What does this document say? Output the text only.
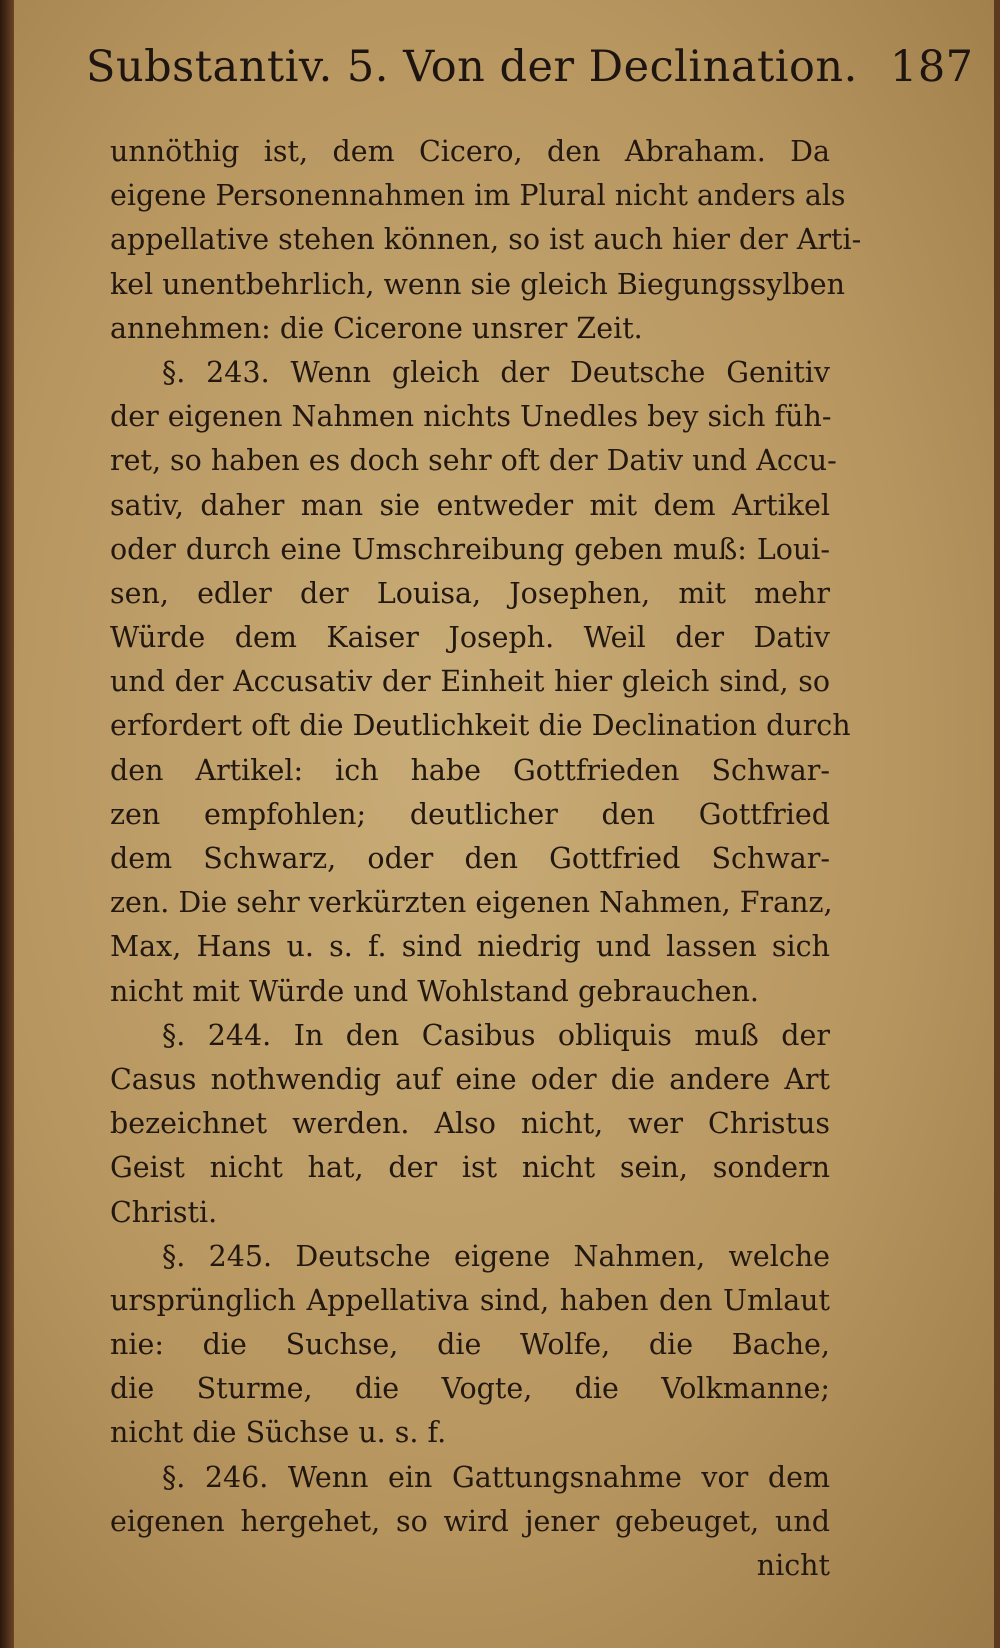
Substantiv. 5. Von der Declination. 187
unnöthig ist, dem Cicero, den Abraham. Da
eigene Personennahmen im Plural nicht anders als
appellative stehen können, so ist auch hier der Arti-
kel unentbehrlich, wenn sie gleich Biegungssylben
annehmen: die Cicerone unsrer Zeit.
§. 243. Wenn gleich der Deutsche Genitiv
der eigenen Nahmen nichts Unedles bey sich füh-
ret, so haben es doch sehr oft der Dativ und Accu-
sativ, daher man sie entweder mit dem Artikel
oder durch eine Umschreibung geben muß: Loui-
sen, edler der Louisa, Josephen, mit mehr
Würde dem Kaiser Joseph. Weil der Dativ
und der Accusativ der Einheit hier gleich sind, so
erfordert oft die Deutlichkeit die Declination durch
den Artikel: ich habe Gottfrieden Schwar-
zen empfohlen; deutlicher den Gottfried
dem Schwarz, oder den Gottfried Schwar-
zen. Die sehr verkürzten eigenen Nahmen, Franz,
Max, Hans u. s. f. sind niedrig und lassen sich
nicht mit Würde und Wohlstand gebrauchen.
§. 244. In den Casibus obliquis muß der
Casus nothwendig auf eine oder die andere Art
bezeichnet werden. Also nicht, wer Christus
Geist nicht hat, der ist nicht sein, sondern
Christi.
§. 245. Deutsche eigene Nahmen, welche
ursprünglich Appellativa sind, haben den Umlaut
nie: die Suchse, die Wolfe, die Bache,
die Sturme, die Vogte, die Volkmanne;
nicht die Süchse u. s. f.
§. 246. Wenn ein Gattungsnahme vor dem
eigenen hergehet, so wird jener gebeuget, und
nicht
